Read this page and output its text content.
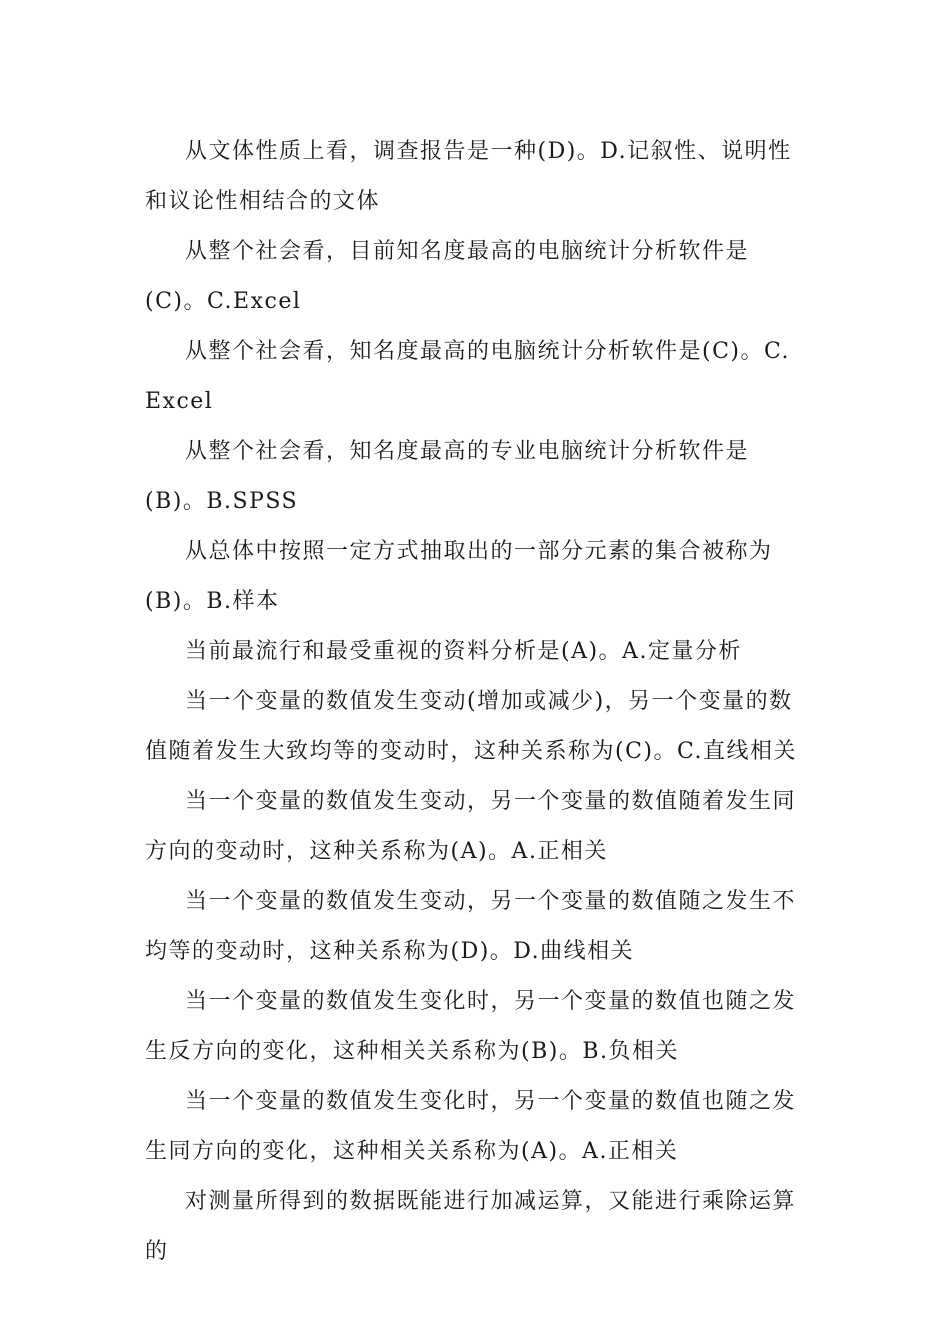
从文体性质上看，调查报告是一种(D)。D.记叙性、说明性和议论性相结合的文体

从整个社会看，目前知名度最高的电脑统计分析软件是(C)。C.Excel

从整个社会看，知名度最高的电脑统计分析软件是(C)。C.Excel

从整个社会看，知名度最高的专业电脑统计分析软件是(B)。B.SPSS

从总体中按照一定方式抽取出的一部分元素的集合被称为(B)。B.样本

当前最流行和最受重视的资料分析是(A)。A.定量分析

当一个变量的数值发生变动(增加或减少)，另一个变量的数值随着发生大致均等的变动时，这种关系称为(C)。C.直线相关

当一个变量的数值发生变动，另一个变量的数值随着发生同方向的变动时，这种关系称为(A)。A.正相关

当一个变量的数值发生变动，另一个变量的数值随之发生不均等的变动时，这种关系称为(D)。D.曲线相关

当一个变量的数值发生变化时，另一个变量的数值也随之发生反方向的变化，这种相关关系称为(B)。B.负相关

当一个变量的数值发生变化时，另一个变量的数值也随之发生同方向的变化，这种相关关系称为(A)。A.正相关

对测量所得到的数据既能进行加减运算，又能进行乘除运算的
